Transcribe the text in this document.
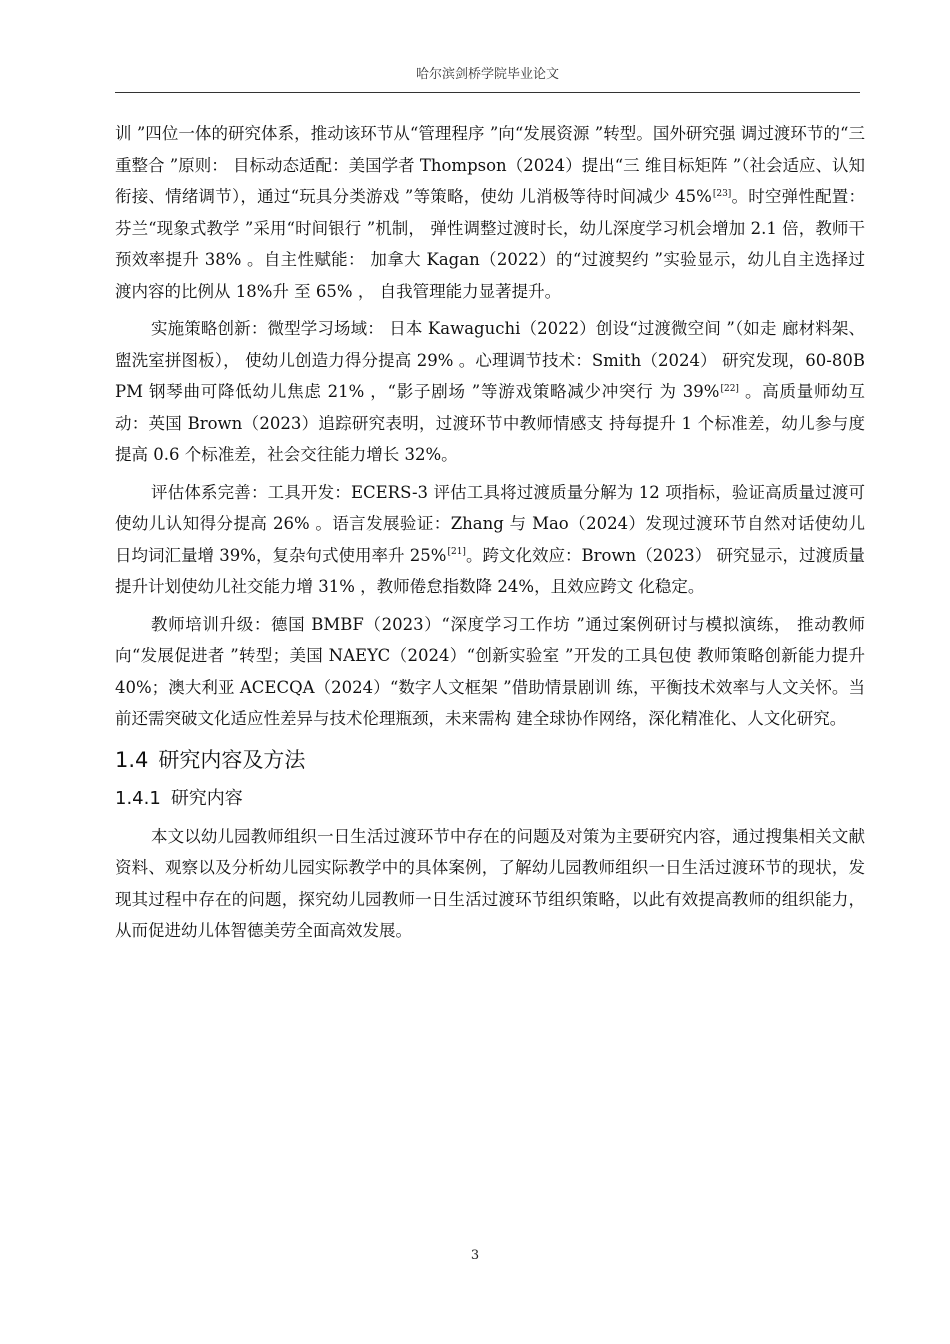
哈尔滨剑桥学院毕业论文

训 ”四位一体的研究体系，推动该环节从“管理程序 ”向“发展资源 ”转型。国外研究强 调过渡环节的“三重整合 ”原则： 目标动态适配：美国学者 Thompson（2024）提出“三 维目标矩阵 ”（社会适应、认知衔接、情绪调节），通过“玩具分类游戏 ”等策略，使幼 儿消极等待时间减少 45%[23]。时空弹性配置：芬兰“现象式教学 ”采用“时间银行 ”机制， 弹性调整过渡时长，幼儿深度学习机会增加 2.1 倍，教师干预效率提升 38% 。自主性赋能： 加拿大 Kagan（2022）的“过渡契约 ”实验显示，幼儿自主选择过渡内容的比例从 18%升 至 65% ， 自我管理能力显著提升。

实施策略创新：微型学习场域： 日本 Kawaguchi（2022）创设“过渡微空间 ”（如走 廊材料架、盥洗室拼图板）， 使幼儿创造力得分提高 29% 。心理调节技术：Smith（2024） 研究发现，60-80BPM 钢琴曲可降低幼儿焦虑 21% ，“影子剧场 ”等游戏策略减少冲突行 为 39%[22] 。高质量师幼互动：英国 Brown（2023）追踪研究表明，过渡环节中教师情感支 持每提升 1 个标准差，幼儿参与度提高 0.6 个标准差，社会交往能力增长 32%。

评估体系完善：工具开发：ECERS-3 评估工具将过渡质量分解为 12 项指标，验证高质量过渡可使幼儿认知得分提高 26% 。语言发展验证：Zhang 与 Mao（2024）发现过渡环节自然对话使幼儿日均词汇量增 39%，复杂句式使用率升 25%[21]。跨文化效应：Brown（2023） 研究显示，过渡质量提升计划使幼儿社交能力增 31% ，教师倦怠指数降 24%，且效应跨文 化稳定。

教师培训升级：德国 BMBF（2023）“深度学习工作坊 ”通过案例研讨与模拟演练， 推动教师向“发展促进者 ”转型；美国 NAEYC（2024）“创新实验室 ”开发的工具包使 教师策略创新能力提升 40%；澳大利亚 ACECQA（2024）“数字人文框架 ”借助情景剧训 练，平衡技术效率与人文关怀。当前还需突破文化适应性差异与技术伦理瓶颈，未来需构 建全球协作网络，深化精准化、人文化研究。

1.4 研究内容及方法
1.4.1 研究内容

本文以幼儿园教师组织一日生活过渡环节中存在的问题及对策为主要研究内容，通过搜集相关文献资料、观察以及分析幼儿园实际教学中的具体案例，了解幼儿园教师组织一日生活过渡环节的现状，发现其过程中存在的问题，探究幼儿园教师一日生活过渡环节组织策略，以此有效提高教师的组织能力，从而促进幼儿体智德美劳全面高效发展。

3
